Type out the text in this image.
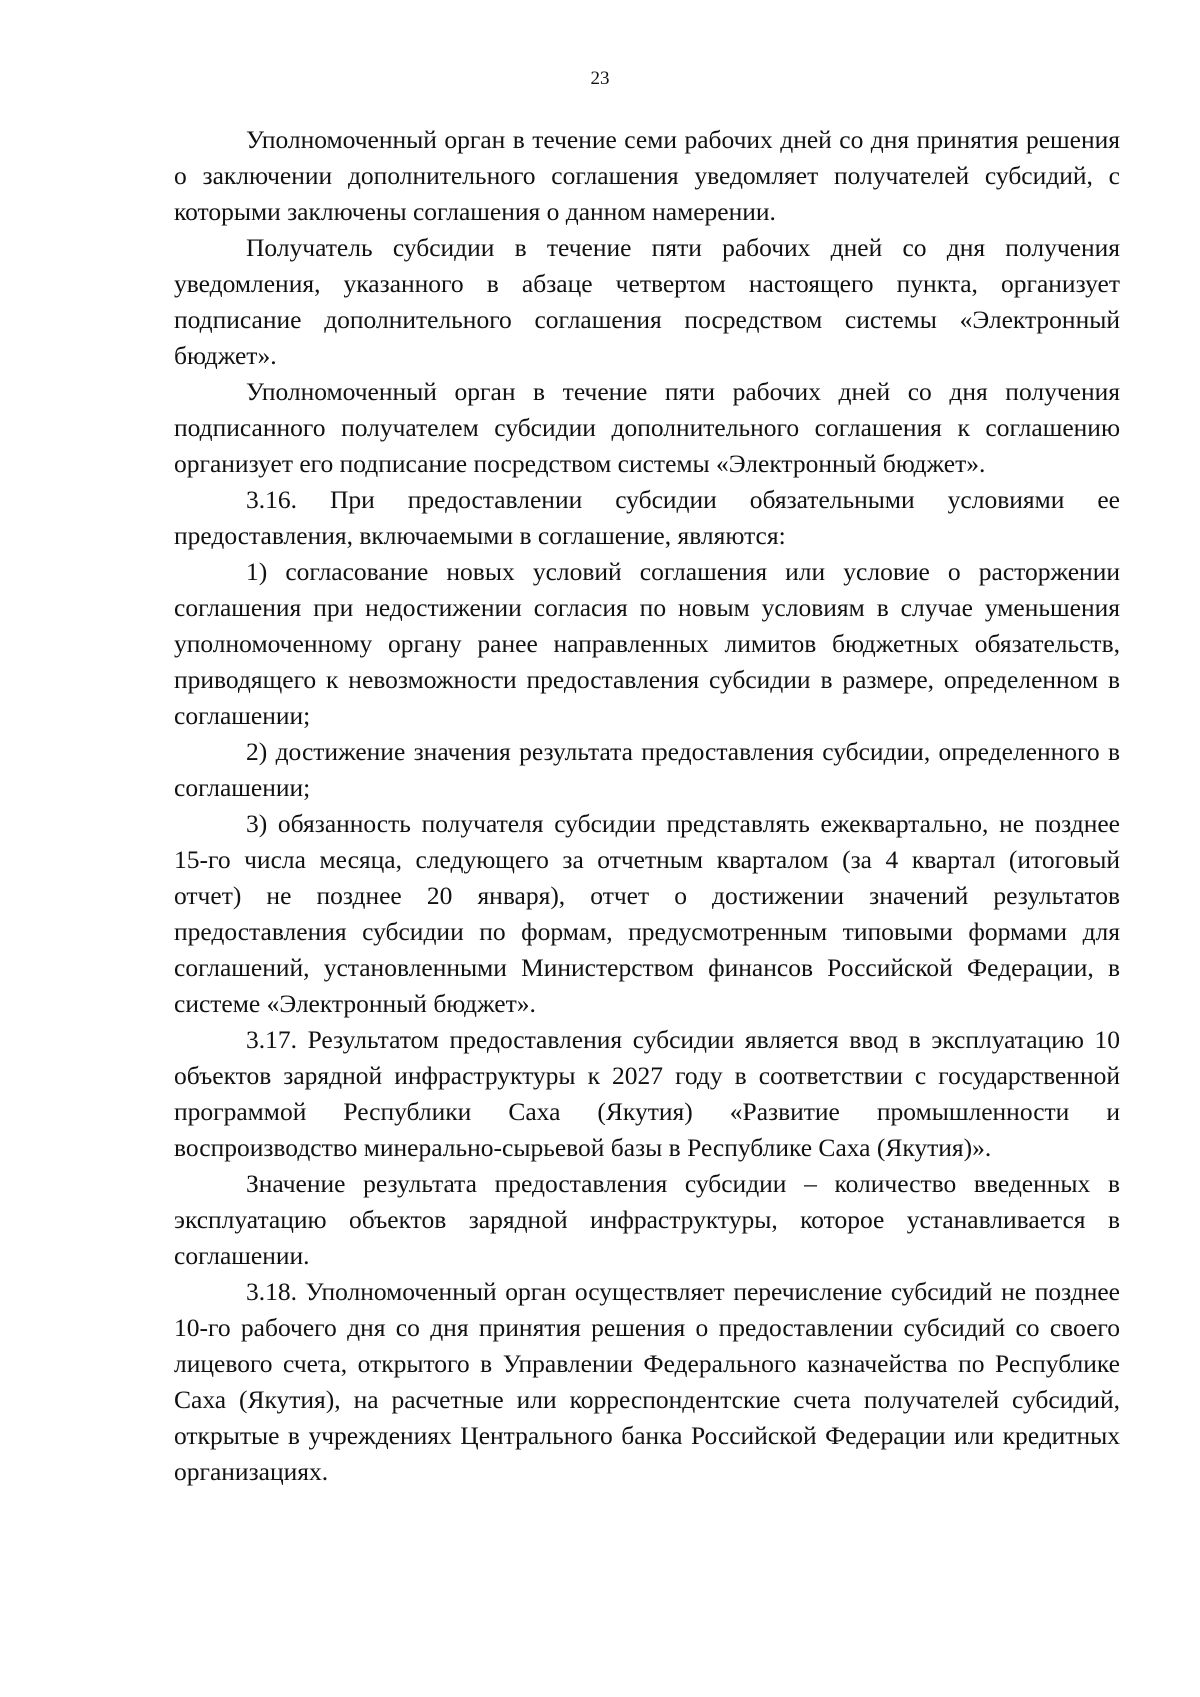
23

Уполномоченный орган в течение семи рабочих дней со дня принятия решения о заключении дополнительного соглашения уведомляет получателей субсидий, с которыми заключены соглашения о данном намерении.

Получатель субсидии в течение пяти рабочих дней со дня получения уведомления, указанного в абзаце четвертом настоящего пункта, организует подписание дополнительного соглашения посредством системы «Электронный бюджет».

Уполномоченный орган в течение пяти рабочих дней со дня получения подписанного получателем субсидии дополнительного соглашения к соглашению организует его подписание посредством системы «Электронный бюджет».

3.16. При предоставлении субсидии обязательными условиями ее предоставления, включаемыми в соглашение, являются:

1) согласование новых условий соглашения или условие о расторжении соглашения при недостижении согласия по новым условиям в случае уменьшения уполномоченному органу ранее направленных лимитов бюджетных обязательств, приводящего к невозможности предоставления субсидии в размере, определенном в соглашении;

2) достижение значения результата предоставления субсидии, определенного в соглашении;

3) обязанность получателя субсидии представлять ежеквартально, не позднее 15-го числа месяца, следующего за отчетным кварталом (за 4 квартал (итоговый отчет) не позднее 20 января), отчет о достижении значений результатов предоставления субсидии по формам, предусмотренным типовыми формами для соглашений, установленными Министерством финансов Российской Федерации, в системе «Электронный бюджет».

3.17. Результатом предоставления субсидии является ввод в эксплуатацию 10 объектов зарядной инфраструктуры к 2027 году в соответствии с государственной программой Республики Саха (Якутия) «Развитие промышленности и воспроизводство минерально-сырьевой базы в Республике Саха (Якутия)».

Значение результата предоставления субсидии – количество введенных в эксплуатацию объектов зарядной инфраструктуры, которое устанавливается в соглашении.

3.18. Уполномоченный орган осуществляет перечисление субсидий не позднее 10-го рабочего дня со дня принятия решения о предоставлении субсидий со своего лицевого счета, открытого в Управлении Федерального казначейства по Республике Саха (Якутия), на расчетные или корреспондентские счета получателей субсидий, открытые в учреждениях Центрального банка Российской Федерации или кредитных организациях.
